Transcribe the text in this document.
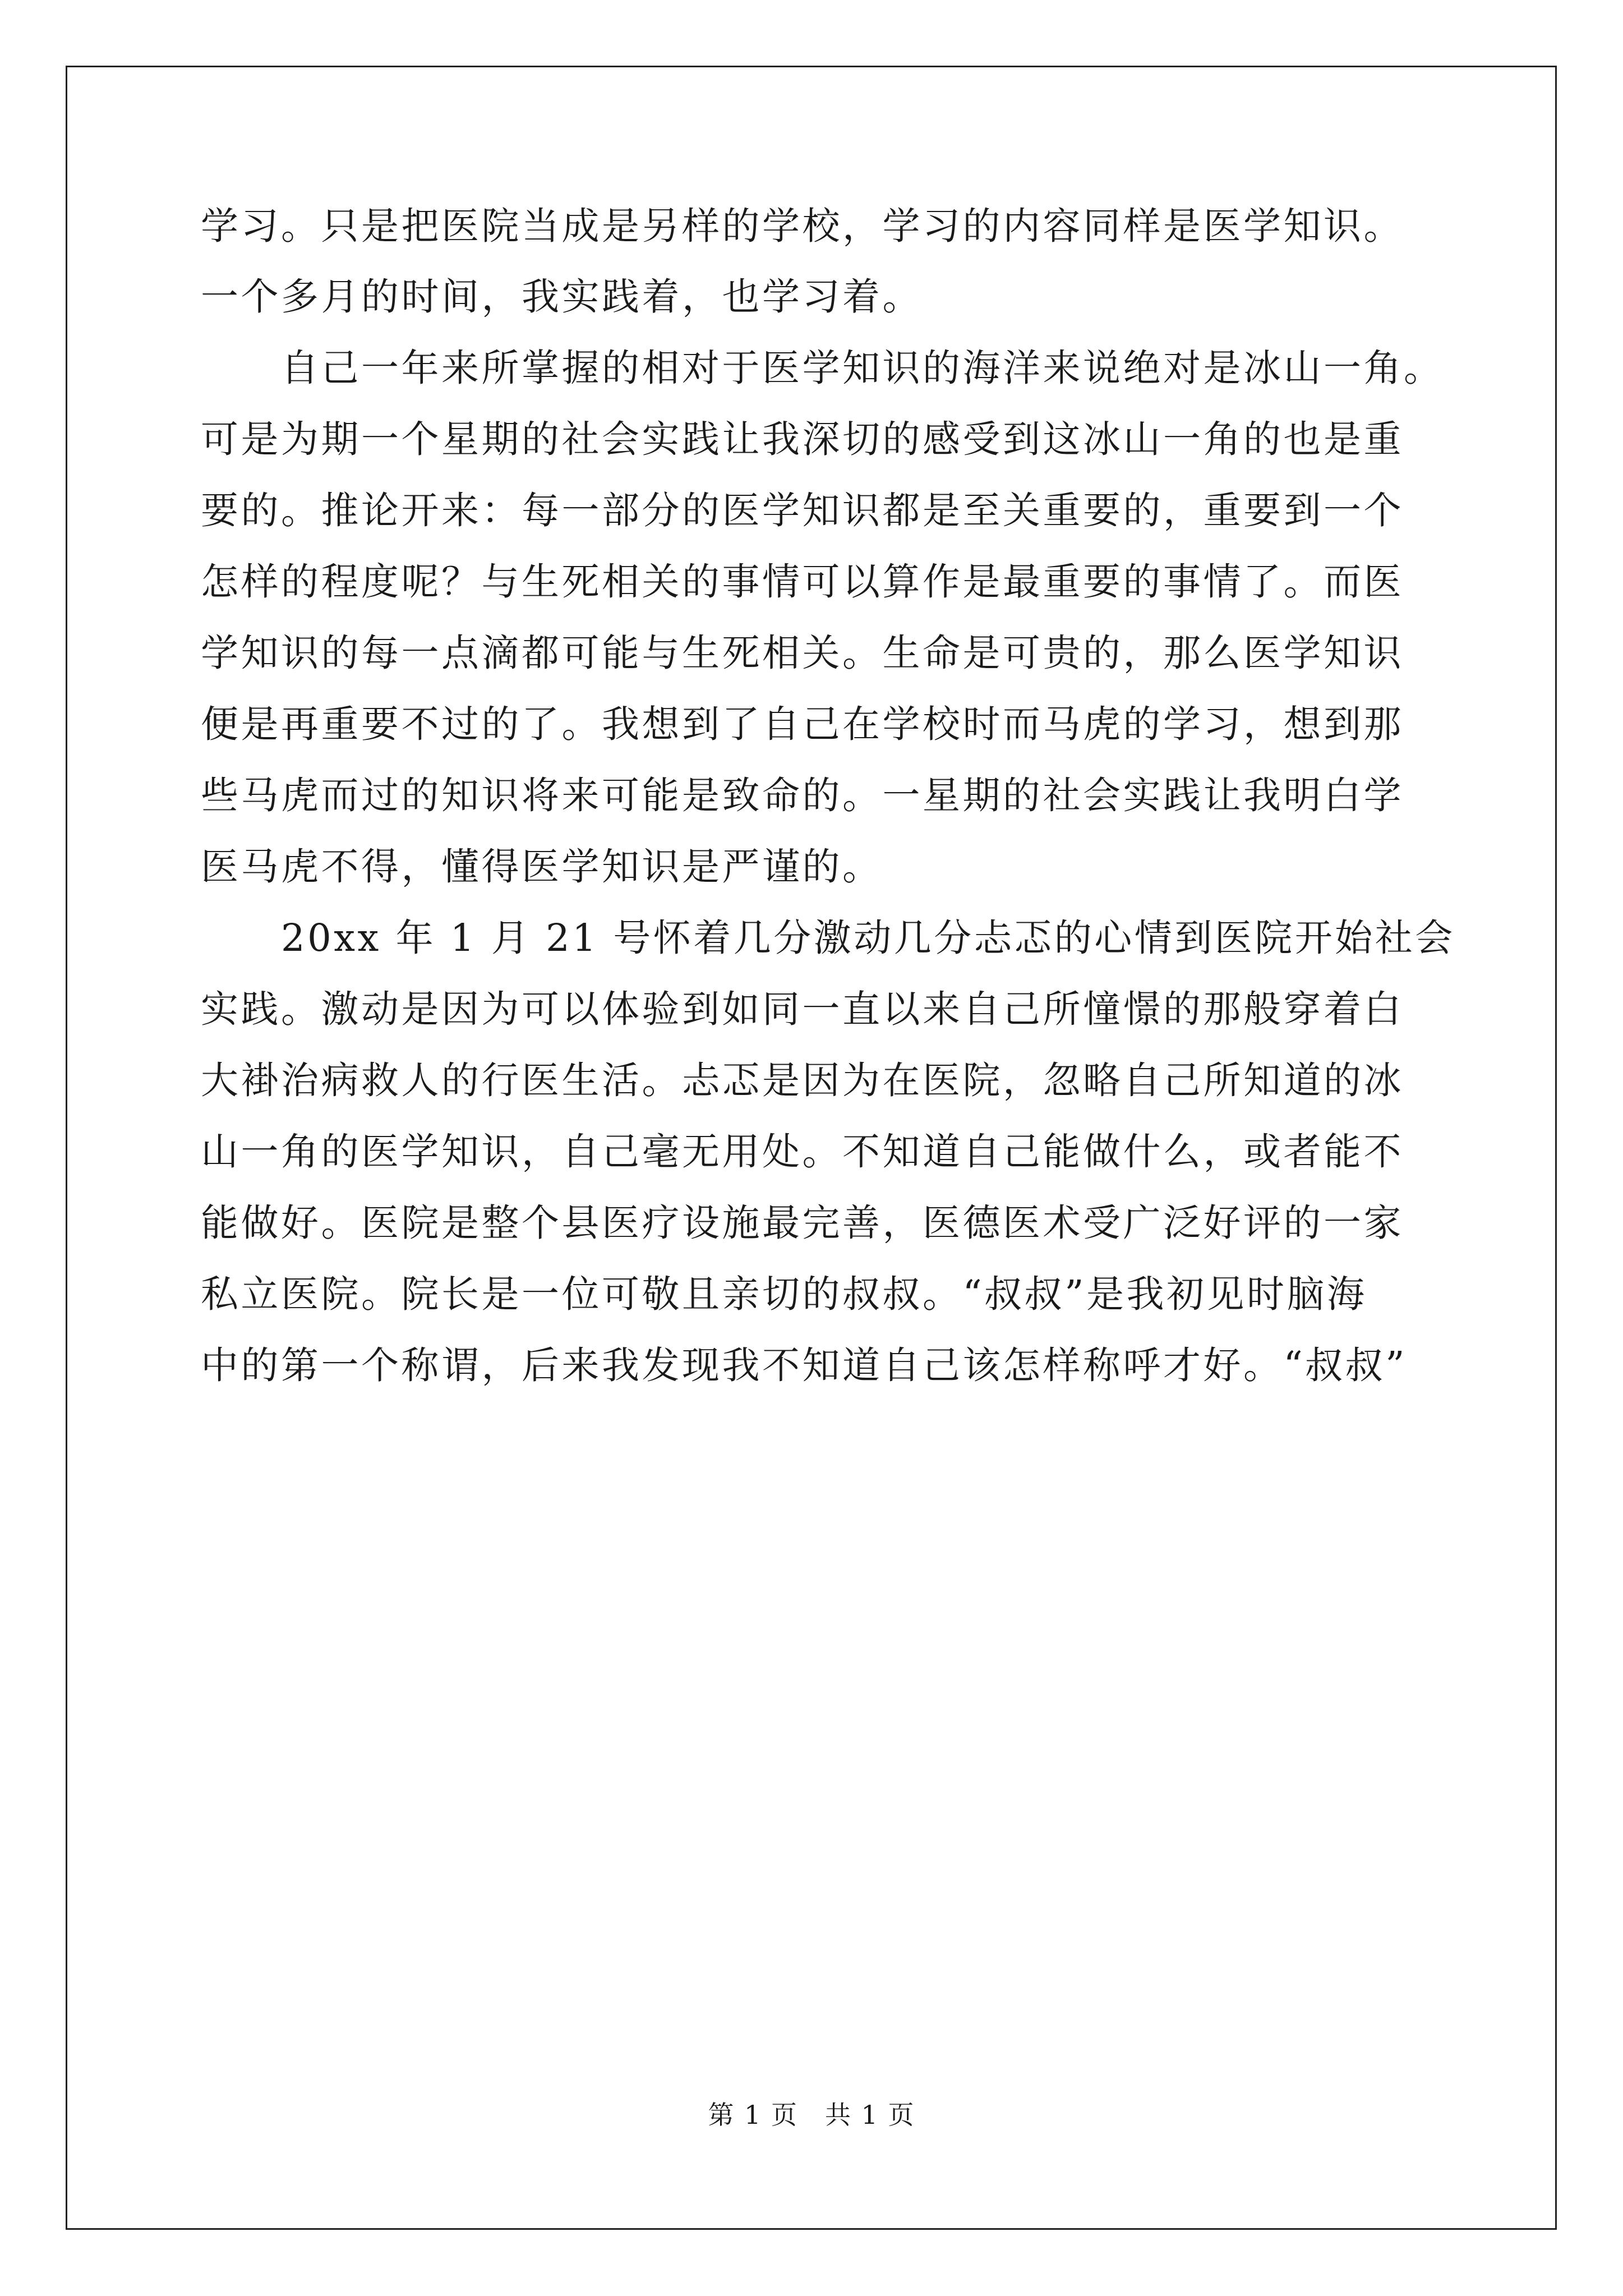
学习。只是把医院当成是另样的学校，学习的内容同样是医学知识。
一个多月的时间，我实践着，也学习着。
　　自己一年来所掌握的相对于医学知识的海洋来说绝对是冰山一角。
可是为期一个星期的社会实践让我深切的感受到这冰山一角的也是重
要的。推论开来：每一部分的医学知识都是至关重要的，重要到一个
怎样的程度呢？与生死相关的事情可以算作是最重要的事情了。而医
学知识的每一点滴都可能与生死相关。生命是可贵的，那么医学知识
便是再重要不过的了。我想到了自己在学校时而马虎的学习，想到那
些马虎而过的知识将来可能是致命的。一星期的社会实践让我明白学
医马虎不得，懂得医学知识是严谨的。
　　20xx 年 1 月 21 号怀着几分激动几分忐忑的心情到医院开始社会
实践。激动是因为可以体验到如同一直以来自己所憧憬的那般穿着白
大褂治病救人的行医生活。忐忑是因为在医院，忽略自己所知道的冰
山一角的医学知识，自己毫无用处。不知道自己能做什么，或者能不
能做好。医院是整个县医疗设施最完善，医德医术受广泛好评的一家
私立医院。院长是一位可敬且亲切的叔叔。“叔叔”是我初见时脑海
中的第一个称谓，后来我发现我不知道自己该怎样称呼才好。“叔叔”
第 1 页　共 1 页
